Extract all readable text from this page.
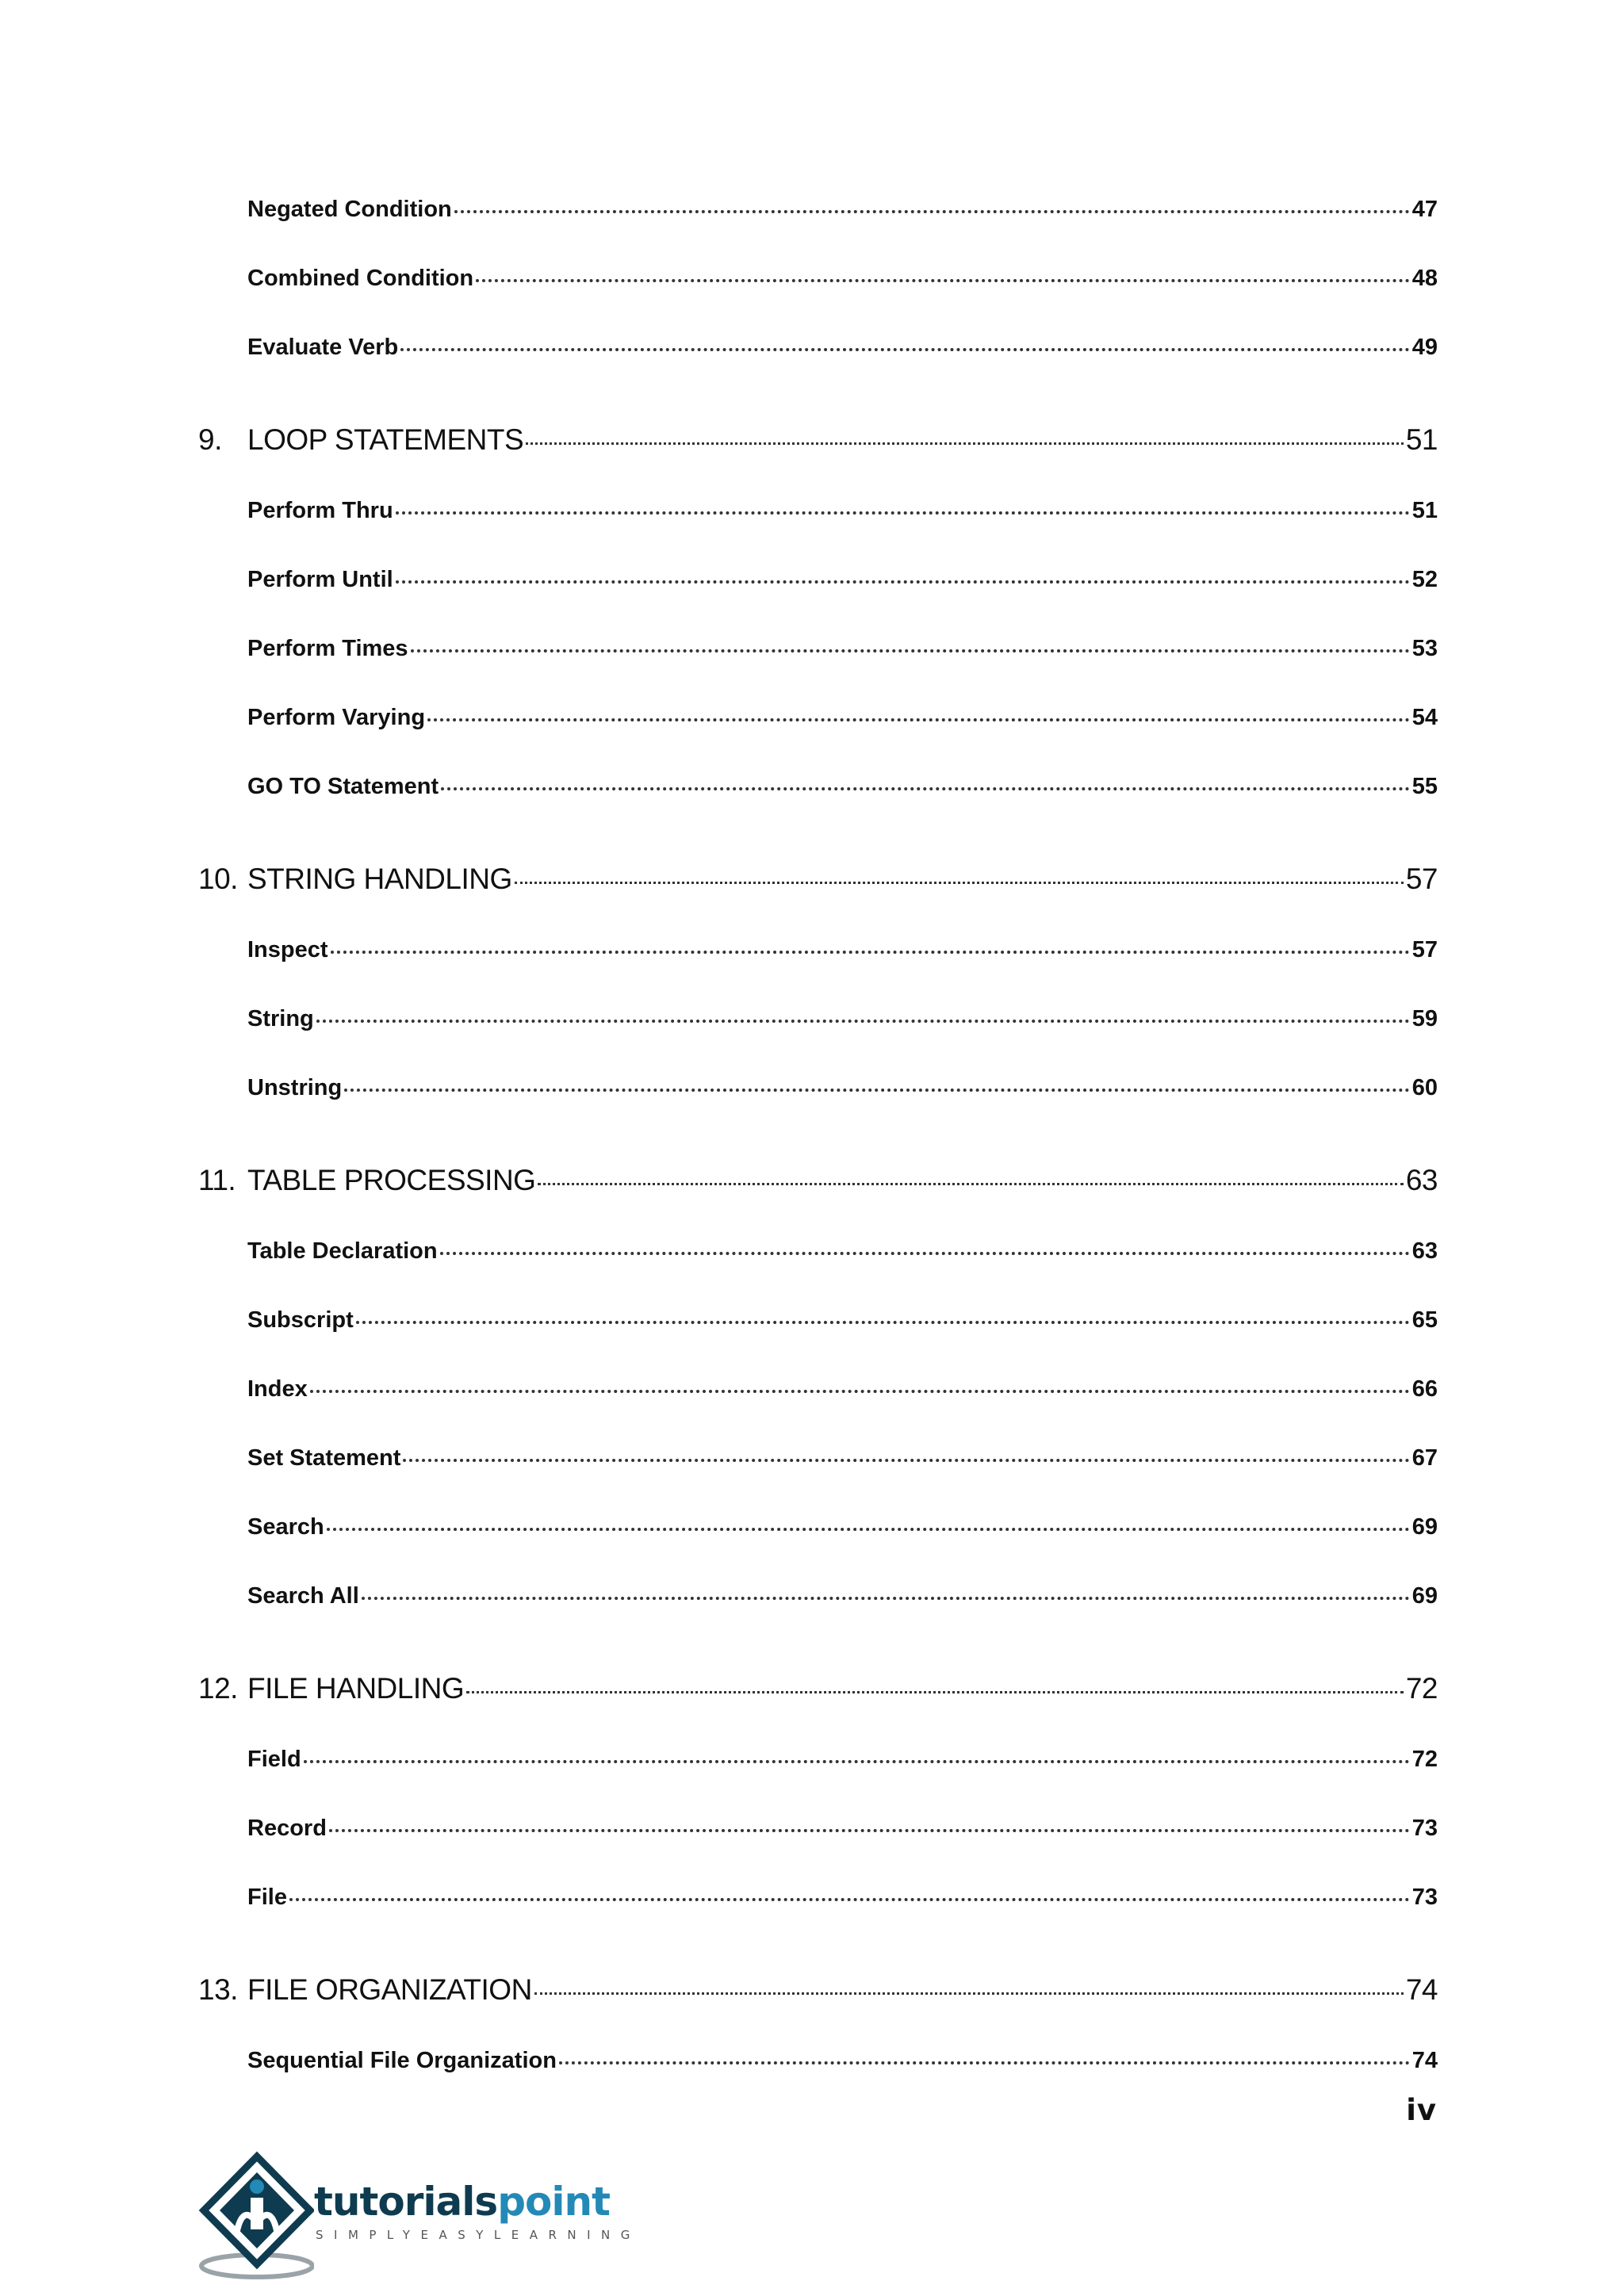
Negated Condition	47
Combined Condition	48
Evaluate Verb	49
9. LOOP STATEMENTS	51
Perform Thru	51
Perform Until	52
Perform Times	53
Perform Varying	54
GO TO Statement	55
10. STRING HANDLING	57
Inspect	57
String	59
Unstring	60
11. TABLE PROCESSING	63
Table Declaration	63
Subscript	65
Index	66
Set Statement	67
Search	69
Search All	69
12. FILE HANDLING	72
Field	72
Record	73
File	73
13. FILE ORGANIZATION	74
Sequential File Organization	74
iv
tutorialspoint
SIMPLYEASYLEARNING
